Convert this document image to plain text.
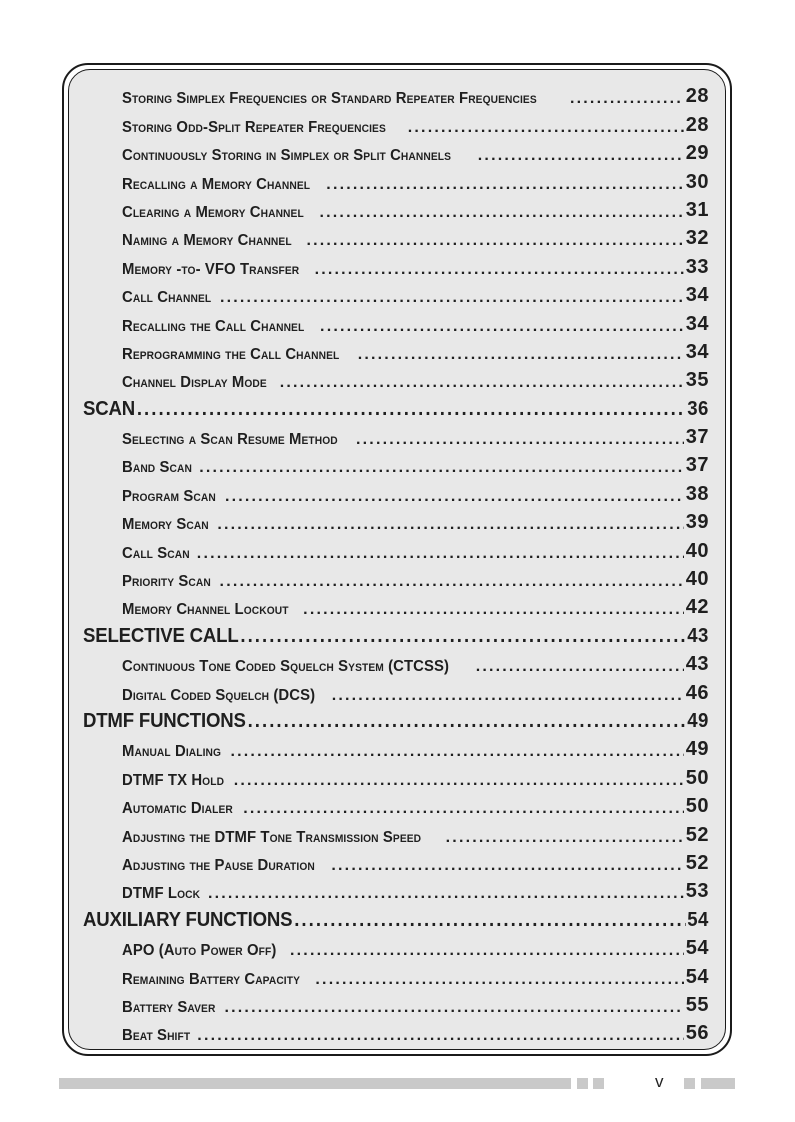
Storing Simplex Frequencies or Standard Repeater Frequencies .....	28
Storing Odd-Split Repeater Frequencies .....	28
Continuously Storing in Simplex or Split Channels .....	29
Recalling a Memory Channel .....	30
Clearing a Memory Channel .....	31
Naming a Memory Channel .....	32
Memory -to- VFO Transfer .....	33
Call Channel .....	34
Recalling the Call Channel .....	34
Reprogramming the Call Channel .....	34
Channel Display Mode .....	35
SCAN .....	36
Selecting a Scan Resume Method .....	37
Band Scan .....	37
Program Scan .....	38
Memory Scan .....	39
Call Scan .....	40
Priority Scan .....	40
Memory Channel Lockout .....	42
SELECTIVE CALL .....	43
Continuous Tone Coded Squelch System (CTCSS) .....	43
Digital Coded Squelch (DCS) .....	46
DTMF FUNCTIONS .....	49
Manual Dialing .....	49
DTMF TX Hold .....	50
Automatic Dialer .....	50
Adjusting the DTMF Tone Transmission Speed .....	52
Adjusting the Pause Duration .....	52
DTMF Lock .....	53
AUXILIARY FUNCTIONS .....	54
APO (Auto Power Off) .....	54
Remaining Battery Capacity .....	54
Battery Saver .....	55
Beat Shift .....	56
v
